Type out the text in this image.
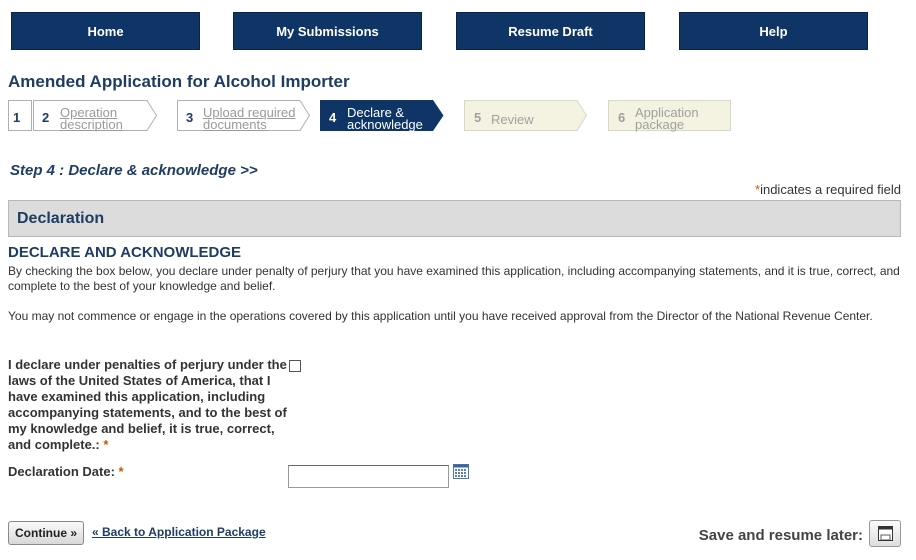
Home	My Submissions	Resume Draft	Help
Amended Application for Alcohol Importer
1 2 Operation
description	3 Upload required
documents	4 Declare &
acknowledge	5 Review	6 Application
package
Step 4 : Declare & acknowledge >>
*indicates a required field
Declaration
DECLARE AND ACKNOWLEDGE
By checking the box below, you declare under penalty of perjury that you have examined this application, including accompanying statements, and it is true, correct, and complete to the best of your knowledge and belief.
You may not commence or engage in the operations covered by this application until you have received approval from the Director of the National Revenue Center.
I declare under penalties of perjury under the laws of the United States of America, that I have examined this application, including accompanying statements, and to the best of my knowledge and belief, it is true, correct, and complete.: *
Declaration Date: *
Continue »	« Back to Application Package	Save and resume later:
